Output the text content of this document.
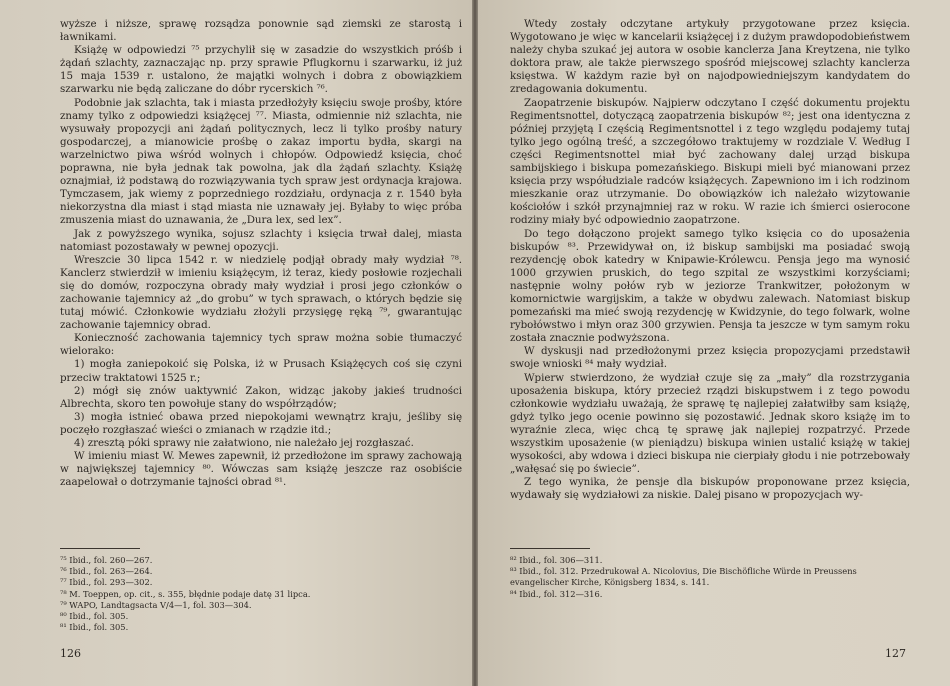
wyższe i niższe, sprawę rozsądza ponownie sąd ziemski ze starostą i ławnikami.

Książę w odpowiedzi ⁷⁵ przychylił się w zasadzie do wszystkich próśb i żądań szlachty, zaznaczając np. przy sprawie Pflugkornu i szarwarku, iż już 15 maja 1539 r. ustalono, że majątki wolnych i dobra z obowiązkiem szarwarku nie będą zaliczane do dóbr rycerskich ⁷⁶.

Podobnie jak szlachta, tak i miasta przedłożyły księciu swoje prośby, które znamy tylko z odpowiedzi książęcej ⁷⁷. Miasta, odmiennie niż szlachta, nie wysuwały propozycji ani żądań politycznych, lecz li tylko prośby natury gospodarczej, a mianowicie prośbę o zakaz importu bydła, skargi na warzelnictwo piwa wśród wolnych i chłopów. Odpowiedź księcia, choć poprawna, nie była jednak tak powolna, jak dla żądań szlachty. Książę oznajmiał, iż podstawą do rozwiązywania tych spraw jest ordynacja krajowa. Tymczasem, jak wiemy z poprzedniego rozdziału, ordynacja z r. 1540 była niekorzystna dla miast i stąd miasta nie uznawały jej. Byłaby to więc próba zmuszenia miast do uznawania, że „Dura lex, sed lex”.

Jak z powyższego wynika, sojusz szlachty i księcia trwał dalej, miasta natomiast pozostawały w pewnej opozycji.

Wreszcie 30 lipca 1542 r. w niedzielę podjął obrady mały wydział ⁷⁸. Kanclerz stwierdził w imieniu książęcym, iż teraz, kiedy posłowie rozjechali się do domów, rozpoczyna obrady mały wydział i prosi jego członków o zachowanie tajemnicy aż „do grobu” w tych sprawach, o których będzie się tutaj mówić. Członkowie wydziału złożyli przysięgę ręką ⁷⁹, gwarantując zachowanie tajemnicy obrad.

Konieczność zachowania tajemnicy tych spraw można sobie tłumaczyć wielorako:

1) mogła zaniepokoić się Polska, iż w Prusach Książęcych coś się czyni przeciw traktatowi 1525 r.;

2) mógł się znów uaktywnić Zakon, widząc jakoby jakieś trudności Albrechta, skoro ten powołuje stany do współrządów;

3) mogła istnieć obawa przed niepokojami wewnątrz kraju, jeśliby się poczęło rozgłaszać wieści o zmianach w rządzie itd.;

4) zresztą póki sprawy nie załatwiono, nie należało jej rozgłaszać.

W imieniu miast W. Mewes zapewnił, iż przedłożone im sprawy zachowają w największej tajemnicy ⁸⁰. Wówczas sam książę jeszcze raz osobiście zaapelował o dotrzymanie tajności obrad ⁸¹.

⁷⁵ Ibid., fol. 260—267.

⁷⁶ Ibid., fol. 263—264.

⁷⁷ Ibid., fol. 293—302.

⁷⁸ M. Toeppen, op. cit., s. 355, błędnie podaje datę 31 lipca.

⁷⁹ WAPO, Landtagsacta V/4—1, fol. 303—304.

⁸⁰ Ibid., fol. 305.

⁸¹ Ibid., fol. 305.

126

Wtedy zostały odczytane artykuły przygotowane przez księcia. Wygotowano je więc w kancelarii książęcej i z dużym prawdopodobieństwem należy chyba szukać jej autora w osobie kanclerza Jana Kreytzena, nie tylko doktora praw, ale także pierwszego spośród miejscowej szlachty kanclerza księstwa. W każdym razie był on najodpowiedniejszym kandydatem do zredagowania dokumentu.

Zaopatrzenie biskupów. Najpierw odczytano I część dokumentu projektu Regimentsnottel, dotyczącą zaopatrzenia biskupów ⁸²; jest ona identyczna z później przyjętą I częścią Regimentsnottel i z tego względu podajemy tutaj tylko jego ogólną treść, a szczegółowo traktujemy w rozdziale V. Według I części Regimentsnottel miał być zachowany dalej urząd biskupa sambijskiego i biskupa pomezańskiego. Biskupi mieli być mianowani przez księcia przy współudziale radców książęcych. Zapewniono im i ich rodzinom mieszkanie oraz utrzymanie. Do obowiązków ich należało wizytowanie kościołów i szkół przynajmniej raz w roku. W razie ich śmierci osierocone rodziny miały być odpowiednio zaopatrzone.

Do tego dołączono projekt samego tylko księcia co do uposażenia biskupów ⁸³. Przewidywał on, iż biskup sambijski ma posiadać swoją rezydencję obok katedry w Knipawie-Królewcu. Pensja jego ma wynosić 1000 grzywien pruskich, do tego szpital ze wszystkimi korzyściami; następnie wolny połów ryb w jeziorze Trankwitzer, położonym w komornictwie wargijskim, a także w obydwu zalewach. Natomiast biskup pomezański ma mieć swoją rezydencję w Kwidzynie, do tego folwark, wolne rybołówstwo i młyn oraz 300 grzywien. Pensja ta jeszcze w tym samym roku została znacznie podwyższona.

W dyskusji nad przedłożonymi przez księcia propozycjami przedstawił swoje wnioski ⁸⁴ mały wydział.

Wpierw stwierdzono, że wydział czuje się za „mały” dla rozstrzygania uposażenia biskupa, który przecież rządzi biskupstwem i z tego powodu członkowie wydziału uważają, że sprawę tę najlepiej załatwiłby sam książę, gdyż tylko jego ocenie powinno się pozostawić. Jednak skoro książę im to wyraźnie zleca, więc chcą tę sprawę jak najlepiej rozpatrzyć. Przede wszystkim uposażenie (w pieniądzu) biskupa winien ustalić książę w takiej wysokości, aby wdowa i dzieci biskupa nie cierpiały głodu i nie potrzebowały „wałęsać się po świecie”.

Z tego wynika, że pensje dla biskupów proponowane przez księcia, wydawały się wydziałowi za niskie. Dalej pisano w propozycjach wy-

⁸² Ibid., fol. 306—311.

⁸³ Ibid., fol. 312. Przedrukował A. Nicolovius, Die Bischöfliche Würde in Preussens evangelischer Kirche, Königsberg 1834, s. 141.

⁸⁴ Ibid., fol. 312—316.

127
